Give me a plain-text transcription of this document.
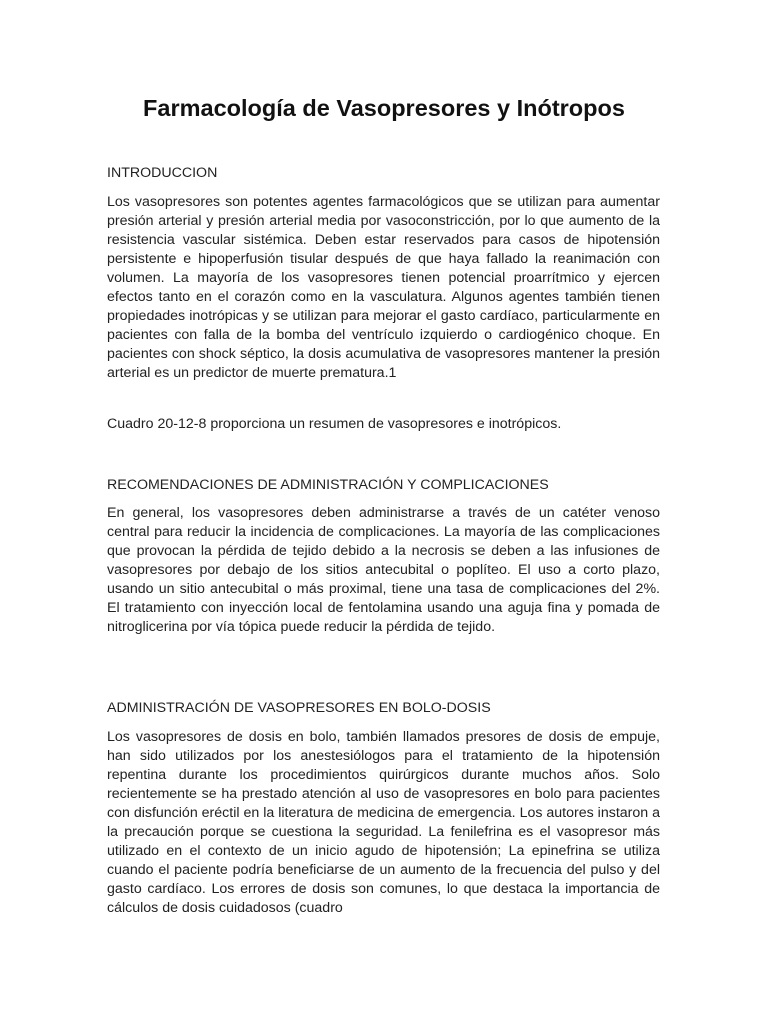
Farmacología de Vasopresores y Inótropos

INTRODUCCION

Los vasopresores son potentes agentes farmacológicos que se utilizan para aumentar presión arterial y presión arterial media por vasoconstricción, por lo que aumento de la resistencia vascular sistémica. Deben estar reservados para casos de hipotensión persistente e hipoperfusión tisular después de que haya fallado la reanimación con volumen. La mayoría de los vasopresores tienen potencial proarrítmico y ejercen efectos tanto en el corazón como en la vasculatura. Algunos agentes también tienen propiedades inotrópicas y se utilizan para mejorar el gasto cardíaco, particularmente en pacientes con falla de la bomba del ventrículo izquierdo o cardiogénico choque. En pacientes con shock séptico, la dosis acumulativa de vasopresores mantener la presión arterial es un predictor de muerte prematura.1

Cuadro 20-12-8 proporciona un resumen de vasopresores e inotrópicos.

RECOMENDACIONES DE ADMINISTRACIÓN Y COMPLICACIONES

En general, los vasopresores deben administrarse a través de un catéter venoso central para reducir la incidencia de complicaciones. La mayoría de las complicaciones que provocan la pérdida de tejido debido a la necrosis se deben a las infusiones de vasopresores por debajo de los sitios antecubital o poplíteo. El uso a corto plazo, usando un sitio antecubital o más proximal, tiene una tasa de complicaciones del 2%. El tratamiento con inyección local de fentolamina usando una aguja fina y pomada de nitroglicerina por vía tópica puede reducir la pérdida de tejido.

ADMINISTRACIÓN DE VASOPRESORES EN BOLO-DOSIS

Los vasopresores de dosis en bolo, también llamados presores de dosis de empuje, han sido utilizados por los anestesiólogos para el tratamiento de la hipotensión repentina durante los procedimientos quirúrgicos durante muchos años. Solo recientemente se ha prestado atención al uso de vasopresores en bolo para pacientes con disfunción eréctil en la literatura de medicina de emergencia. Los autores instaron a la precaución porque se cuestiona la seguridad. La fenilefrina es el vasopresor más utilizado en el contexto de un inicio agudo de hipotensión; La epinefrina se utiliza cuando el paciente podría beneficiarse de un aumento de la frecuencia del pulso y del gasto cardíaco. Los errores de dosis son comunes, lo que destaca la importancia de cálculos de dosis cuidadosos (cuadro
